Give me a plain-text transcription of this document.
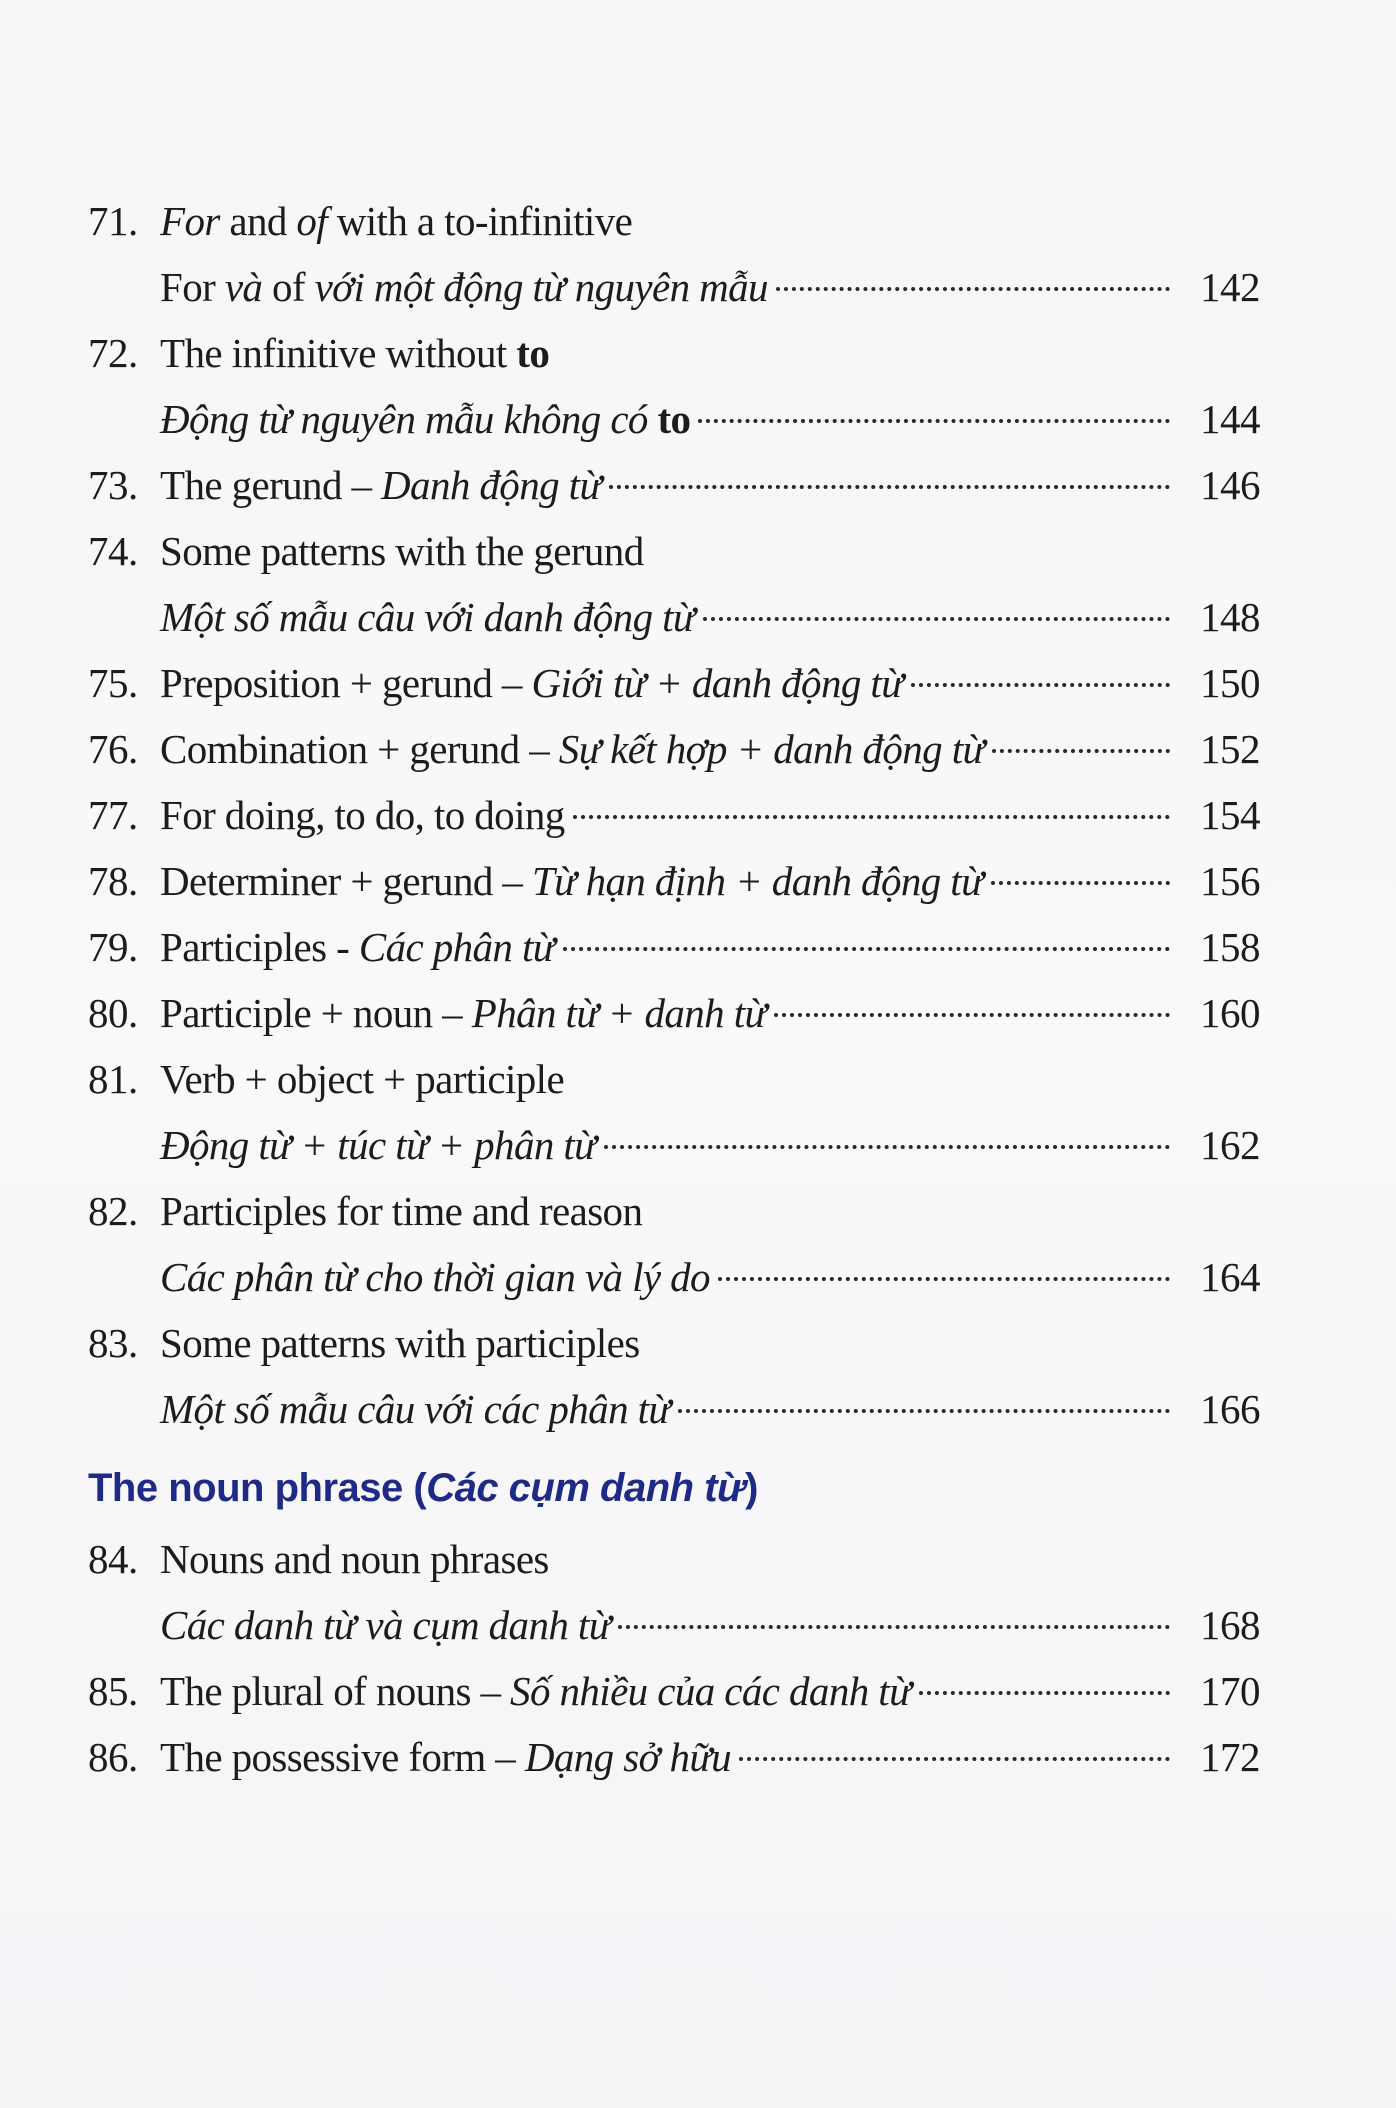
71. For and of with a to-infinitive
For và of với một động từ nguyên mẫu	142
72. The infinitive without to
Động từ nguyên mẫu không có to	144
73. The gerund – Danh động từ	146
74. Some patterns with the gerund
Một số mẫu câu với danh động từ	148
75. Preposition + gerund – Giới từ + danh động từ	150
76. Combination + gerund – Sự kết hợp + danh động từ	152
77. For doing, to do, to doing	154
78. Determiner + gerund – Từ hạn định + danh động từ	156
79. Participles - Các phân từ	158
80. Participle + noun – Phân từ + danh từ	160
81. Verb + object + participle
Động từ + túc từ + phân từ	162
82. Participles for time and reason
Các phân từ cho thời gian và lý do	164
83. Some patterns with participles
Một số mẫu câu với các phân từ	166
The noun phrase (Các cụm danh từ)
84. Nouns and noun phrases
Các danh từ và cụm danh từ	168
85. The plural of nouns – Số nhiều của các danh từ	170
86. The possessive form – Dạng sở hữu	172
